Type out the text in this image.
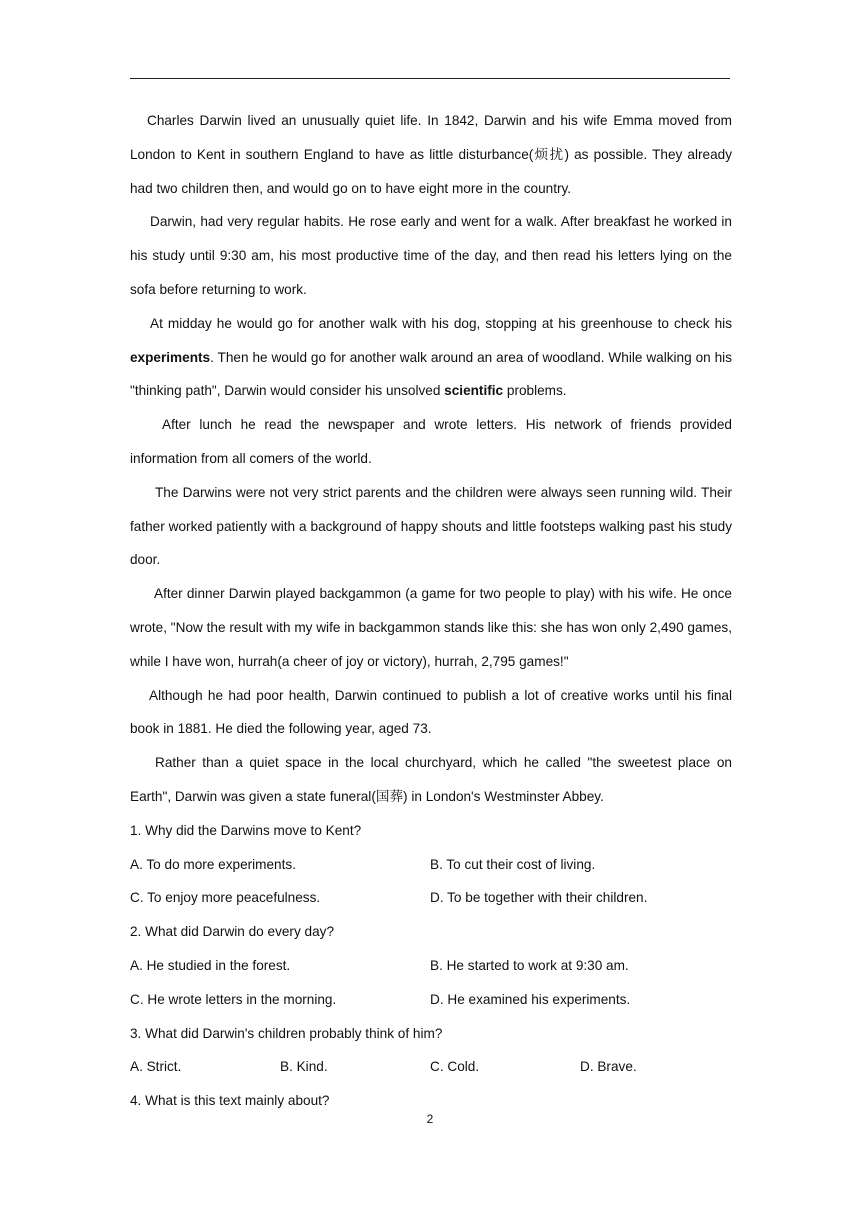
Charles Darwin lived an unusually quiet life. In 1842, Darwin and his wife Emma moved from London to Kent in southern England to have as little disturbance(烦扰) as possible. They already had two children then, and would go on to have eight more in the country.

Darwin, had very regular habits. He rose early and went for a walk. After breakfast he worked in his study until 9:30 am, his most productive time of the day, and then read his letters lying on the sofa before returning to work.

At midday he would go for another walk with his dog, stopping at his greenhouse to check his experiments. Then he would go for another walk around an area of woodland. While walking on his "thinking path", Darwin would consider his unsolved scientific problems.

After lunch he read the newspaper and wrote letters. His network of friends provided information from all comers of the world.

The Darwins were not very strict parents and the children were always seen running wild. Their father worked patiently with a background of happy shouts and little footsteps walking past his study door.

After dinner Darwin played backgammon (a game for two people to play) with his wife. He once wrote, "Now the result with my wife in backgammon stands like this: she has won only 2,490 games, while I have won, hurrah(a cheer of joy or victory), hurrah, 2,795 games!"

Although he had poor health, Darwin continued to publish a lot of creative works until his final book in 1881. He died the following year, aged 73.

Rather than a quiet space in the local churchyard, which he called "the sweetest place on Earth", Darwin was given a state funeral(国葬) in London's Westminster Abbey.

1. Why did the Darwins move to Kent?

A. To do more experiments.	B. To cut their cost of living.
C. To enjoy more peacefulness.	D. To be together with their children.

2. What did Darwin do every day?

A. He studied in the forest.	B. He started to work at 9:30 am.
C. He wrote letters in the morning.	D. He examined his experiments.

3. What did Darwin's children probably think of him?

A. Strict.	B. Kind.	C. Cold.	D. Brave.

4. What is this text mainly about?

2
